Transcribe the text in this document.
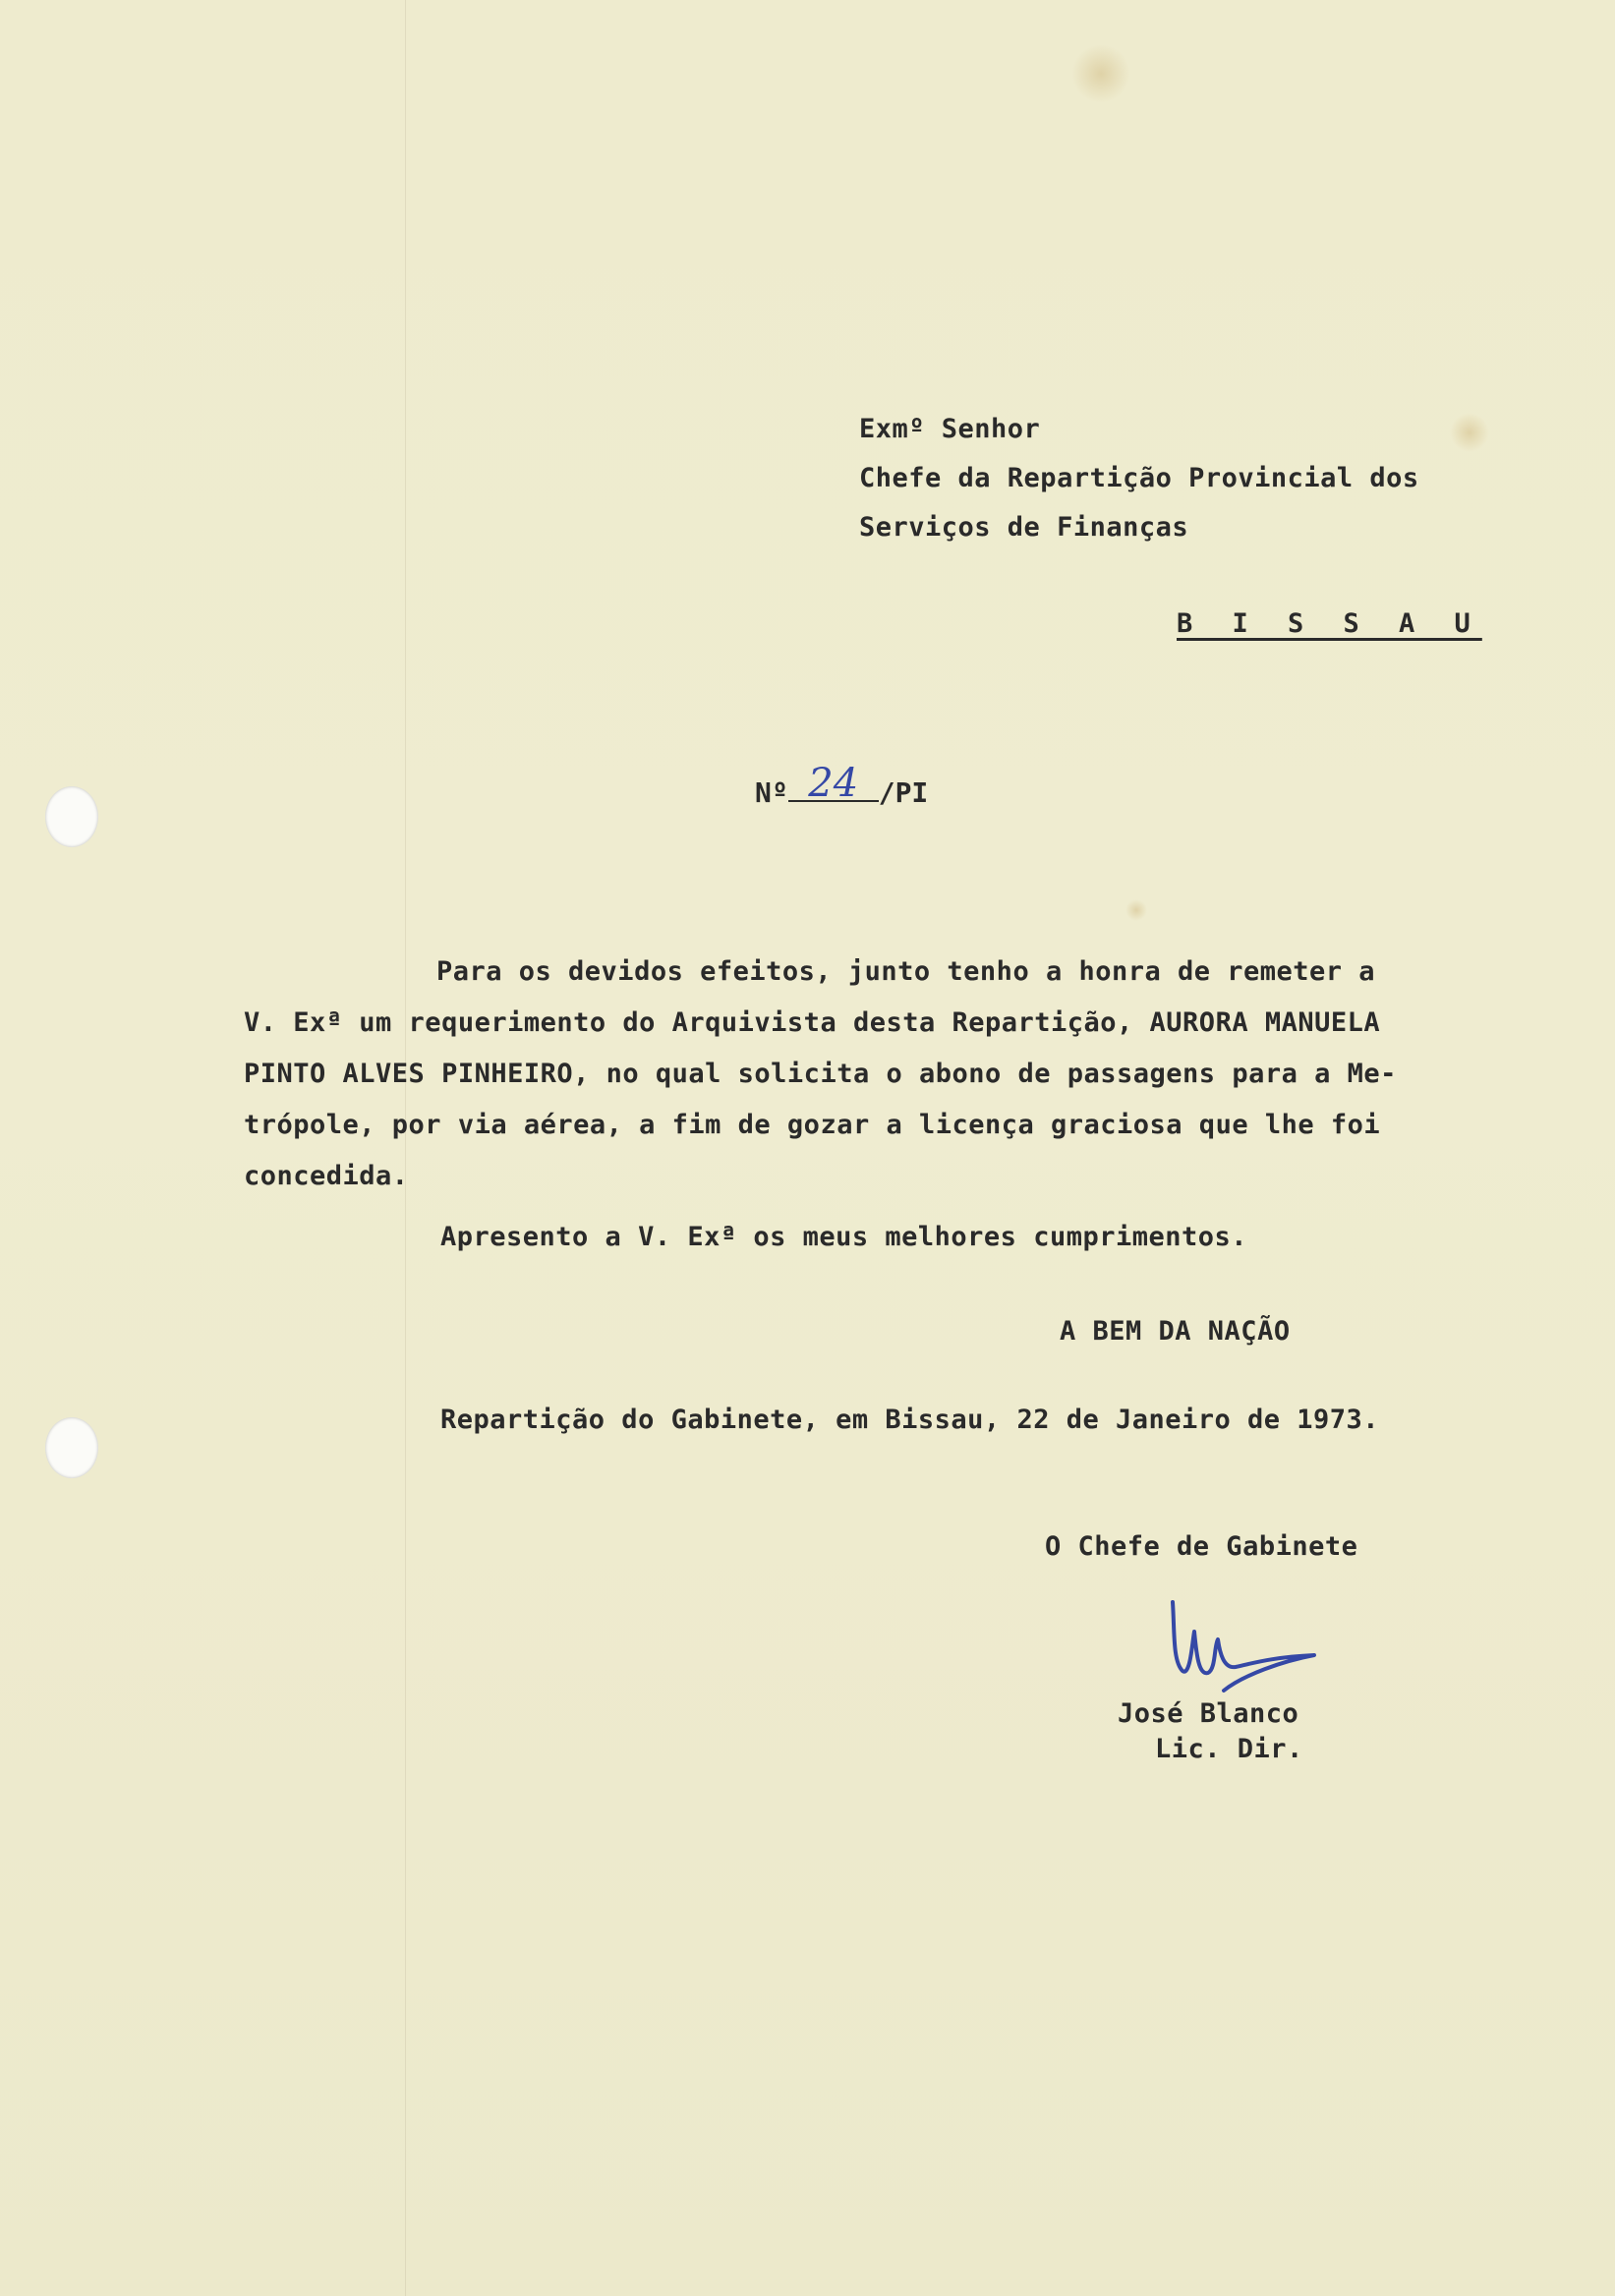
Exmº Senhor
Chefe da Repartição Provincial dos
Serviços de Finanças
B I S S A U
Nº 24 /PI
Para os devidos efeitos, junto tenho a honra de remeter a
V. Exª um requerimento do Arquivista desta Repartição, AURORA MANUELA
PINTO ALVES PINHEIRO, no qual solicita o abono de passagens para a Me-
trópole, por via aérea, a fim de gozar a licença graciosa que lhe foi
concedida.
Apresento a V. Exª os meus melhores cumprimentos.
A BEM DA NAÇÃO
Repartição do Gabinete, em Bissau, 22 de Janeiro de 1973.
O Chefe de Gabinete
José Blanco
Lic. Dir.
